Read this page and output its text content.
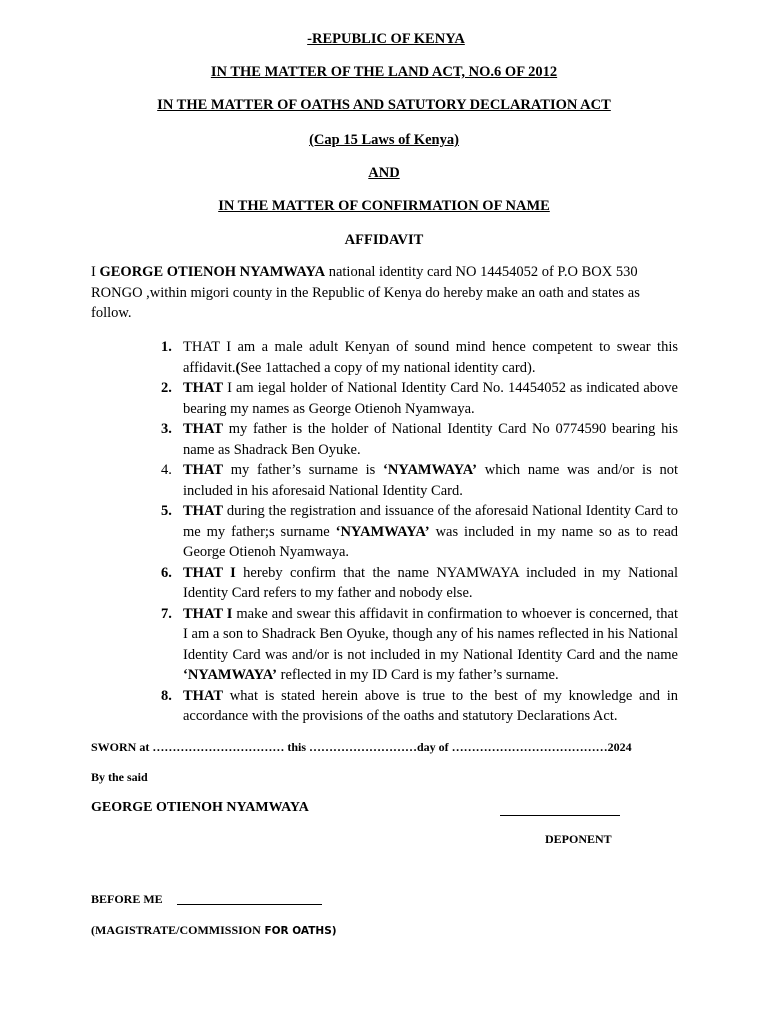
-REPUBLIC OF KENYA
IN THE MATTER OF THE LAND ACT, NO.6 OF 2012
IN THE MATTER OF OATHS AND SATUTORY DECLARATION ACT
(Cap 15 Laws of Kenya)
AND
IN THE MATTER OF CONFIRMATION OF NAME
AFFIDAVIT
I GEORGE OTIENOH NYAMWAYA national identity card NO 14454052 of P.O BOX 530 RONGO ,within migori county in the Republic of Kenya do hereby make an oath and states as follow.
1. THAT I am a male adult Kenyan of sound mind hence competent to swear this affidavit.(See 1attached a copy of my national identity card).
2. THAT I am iegal holder of National Identity Card No. 14454052 as indicated above bearing my names as George Otienoh Nyamwaya.
3. THAT my father is the holder of National Identity Card No 0774590 bearing his name as Shadrack Ben Oyuke.
4. THAT my father’s surname is ‘NYAMWAYA’ which name was and/or is not included in his aforesaid National Identity Card.
5. THAT during the registration and issuance of the aforesaid National Identity Card to me my father;s surname ‘NYAMWAYA’ was included in my name so as to read George Otienoh Nyamwaya.
6. THAT I hereby confirm that the name NYAMWAYA included in my National Identity Card refers to my father and nobody else.
7. THAT I make and swear this affidavit in confirmation to whoever is concerned, that I am a son to Shadrack Ben Oyuke, though any of his names reflected in his National Identity Card was and/or is not included in my National Identity Card and the name ‘NYAMWAYA’ reflected in my ID Card is my father’s surname.
8. THAT what is stated herein above is true to the best of my knowledge and in accordance with the provisions of the oaths and statutory Declarations Act.
SWORN at …………………………… this ………………………day of …………………………………2024
By the said
GEORGE OTIENOH NYAMWAYA
DEPONENT
BEFORE ME
(MAGISTRATE/COMMISSION FOR OATHS)
